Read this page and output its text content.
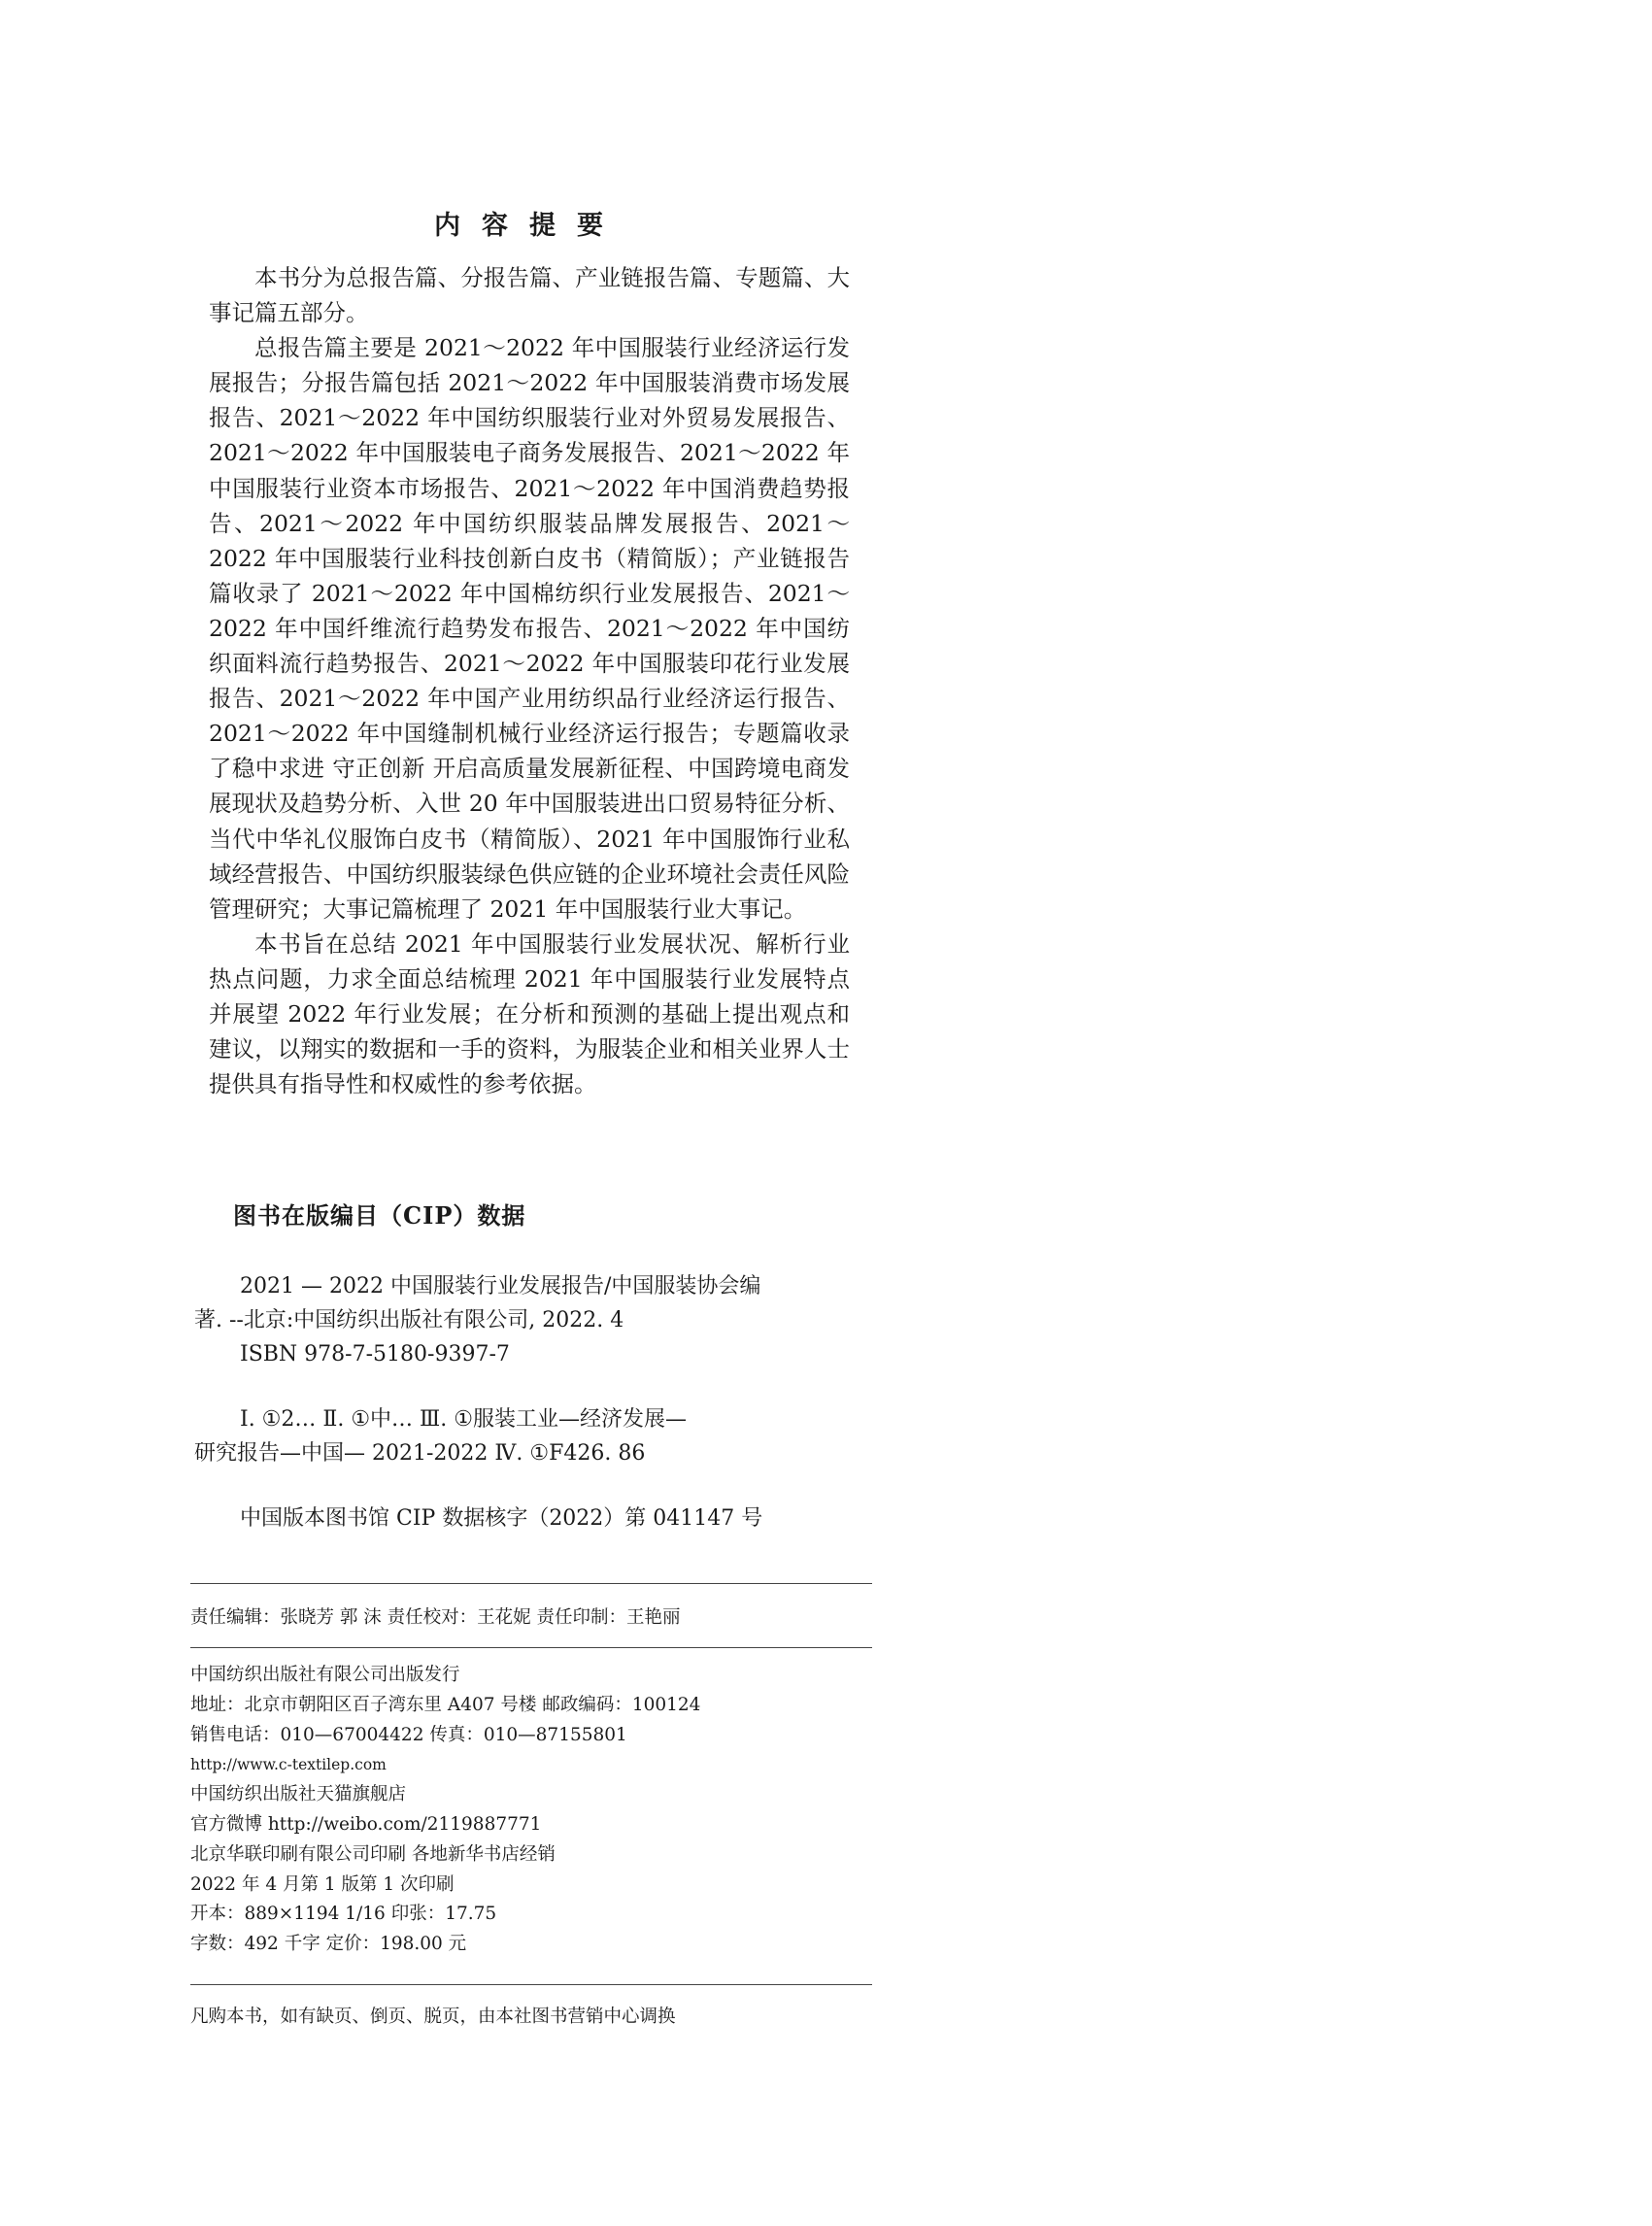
内容提要

本书分为总报告篇、分报告篇、产业链报告篇、专题篇、大事记篇五部分。

总报告篇主要是 2021～2022 年中国服装行业经济运行发展报告；分报告篇包括 2021～2022 年中国服装消费市场发展报告、2021～2022 年中国纺织服装行业对外贸易发展报告、2021～2022 年中国服装电子商务发展报告、2021～2022 年中国服装行业资本市场报告、2021～2022 年中国消费趋势报告、2021～2022 年中国纺织服装品牌发展报告、2021～2022 年中国服装行业科技创新白皮书（精简版）；产业链报告篇收录了 2021～2022 年中国棉纺织行业发展报告、2021～2022 年中国纤维流行趋势发布报告、2021～2022 年中国纺织面料流行趋势报告、2021～2022 年中国服装印花行业发展报告、2021～2022 年中国产业用纺织品行业经济运行报告、2021～2022 年中国缝制机械行业经济运行报告；专题篇收录了稳中求进 守正创新 开启高质量发展新征程、中国跨境电商发展现状及趋势分析、入世 20 年中国服装进出口贸易特征分析、当代中华礼仪服饰白皮书（精简版）、2021 年中国服饰行业私域经营报告、中国纺织服装绿色供应链的企业环境社会责任风险管理研究；大事记篇梳理了 2021 年中国服装行业大事记。

本书旨在总结 2021 年中国服装行业发展状况、解析行业热点问题，力求全面总结梳理 2021 年中国服装行业发展特点并展望 2022 年行业发展；在分析和预测的基础上提出观点和建议，以翔实的数据和一手的资料，为服装企业和相关业界人士提供具有指导性和权威性的参考依据。

图书在版编目（CIP）数据
2021 — 2022 中国服装行业发展报告/中国服装协会编
著. --北京:中国纺织出版社有限公司, 2022. 4
ISBN 978-7-5180-9397-7
Ⅰ. ①2… Ⅱ. ①中… Ⅲ. ①服装工业—经济发展—
研究报告—中国— 2021-2022 Ⅳ. ①F426. 86
中国版本图书馆 CIP 数据核字（2022）第 041147 号
责任编辑：张晓芳 郭 沫 责任校对：王花妮 责任印制：王艳丽
中国纺织出版社有限公司出版发行
地址：北京市朝阳区百子湾东里 A407 号楼 邮政编码：100124
销售电话：010—67004422 传真：010—87155801
http://www.c-textilep.com
中国纺织出版社天猫旗舰店
官方微博 http://weibo.com/2119887771
北京华联印刷有限公司印刷 各地新华书店经销
2022 年 4 月第 1 版第 1 次印刷
开本：889×1194 1/16 印张：17.75
字数：492 千字 定价：198.00 元
凡购本书，如有缺页、倒页、脱页，由本社图书营销中心调换
